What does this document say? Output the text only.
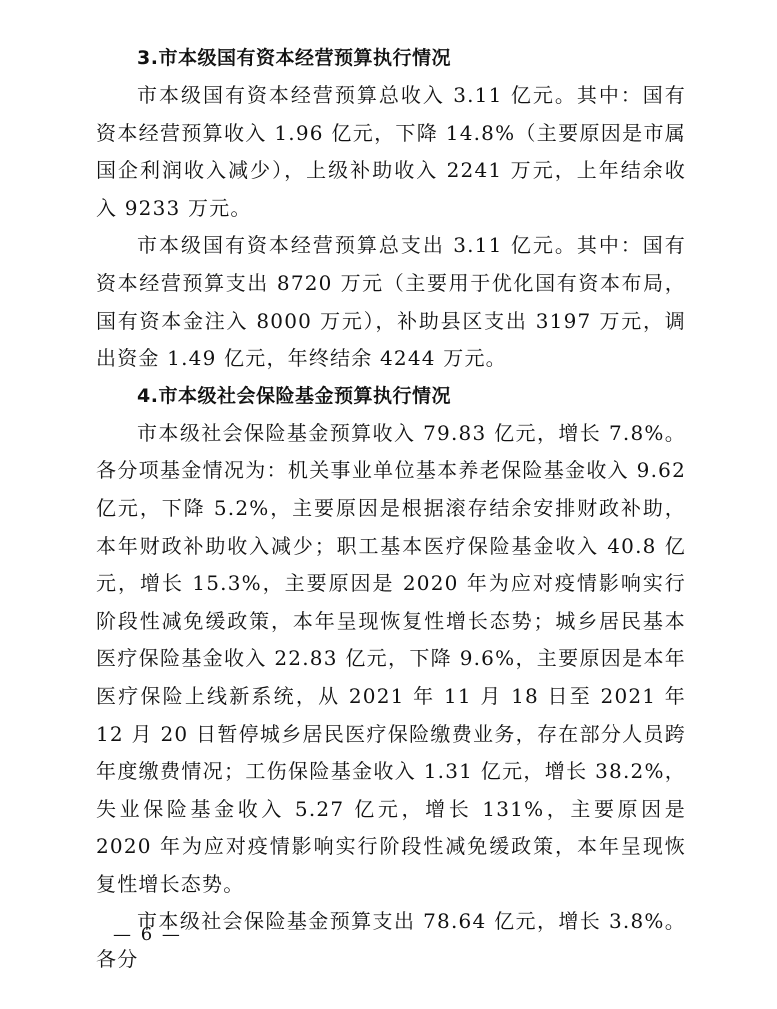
3.市本级国有资本经营预算执行情况

市本级国有资本经营预算总收入 3.11 亿元。其中：国有资本经营预算收入 1.96 亿元，下降 14.8%（主要原因是市属国企利润收入减少），上级补助收入 2241 万元，上年结余收入 9233 万元。

市本级国有资本经营预算总支出 3.11 亿元。其中：国有资本经营预算支出 8720 万元（主要用于优化国有资本布局，国有资本金注入 8000 万元），补助县区支出 3197 万元，调出资金 1.49 亿元，年终结余 4244 万元。

4.市本级社会保险基金预算执行情况

市本级社会保险基金预算收入 79.83 亿元，增长 7.8%。各分项基金情况为：机关事业单位基本养老保险基金收入 9.62 亿元，下降 5.2%，主要原因是根据滚存结余安排财政补助，本年财政补助收入减少；职工基本医疗保险基金收入 40.8 亿元，增长 15.3%，主要原因是 2020 年为应对疫情影响实行阶段性减免缓政策，本年呈现恢复性增长态势；城乡居民基本医疗保险基金收入 22.83 亿元，下降 9.6%，主要原因是本年医疗保险上线新系统，从 2021 年 11 月 18 日至 2021 年 12 月 20 日暂停城乡居民医疗保险缴费业务，存在部分人员跨年度缴费情况；工伤保险基金收入 1.31 亿元，增长 38.2%，失业保险基金收入 5.27 亿元，增长 131%，主要原因是 2020 年为应对疫情影响实行阶段性减免缓政策，本年呈现恢复性增长态势。

市本级社会保险基金预算支出 78.64 亿元，增长 3.8%。各分

— 6 —
